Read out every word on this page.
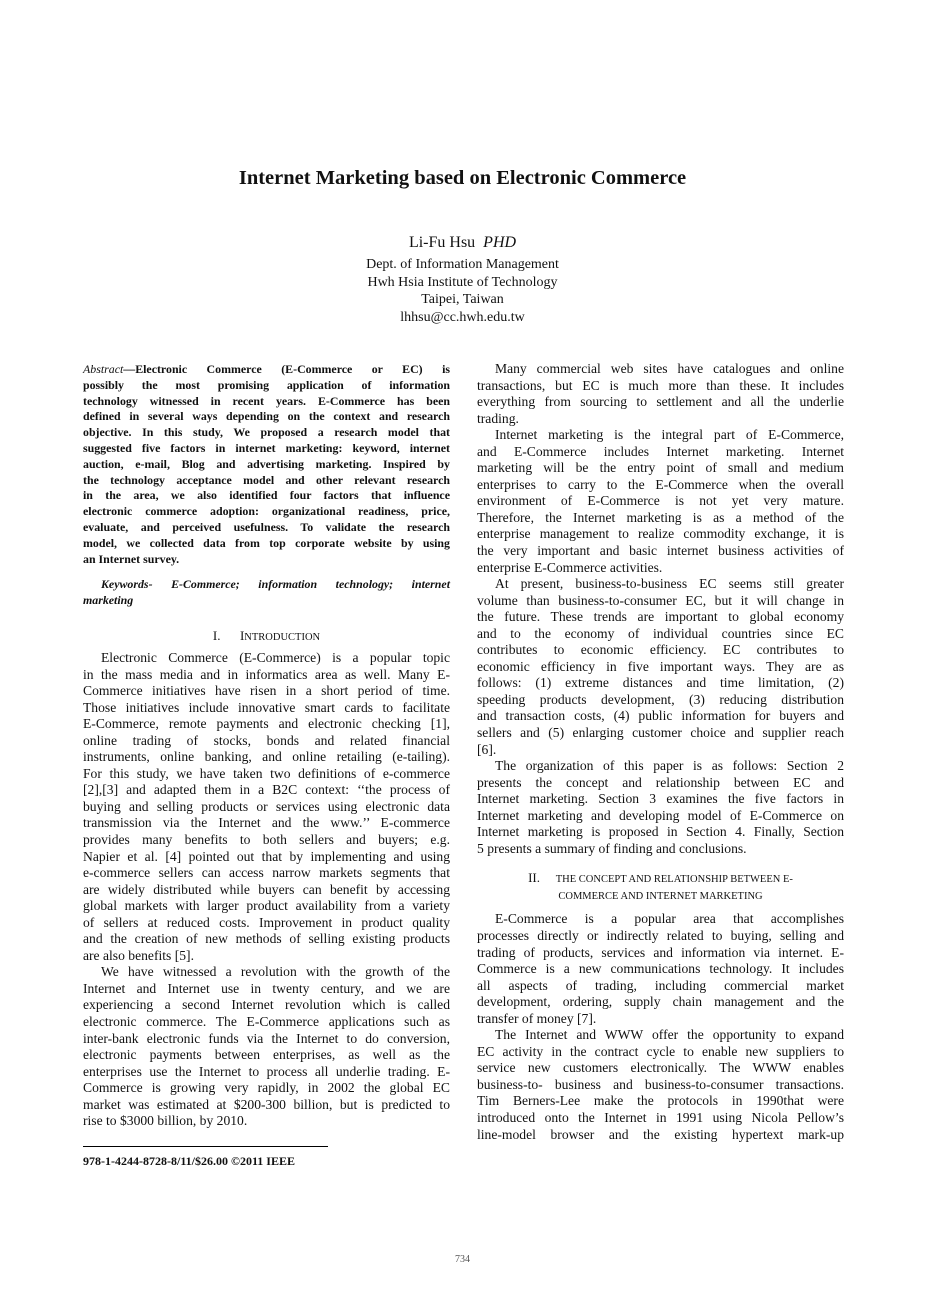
Internet Marketing based on Electronic Commerce
Li-Fu Hsu PHD
Dept. of Information Management
Hwh Hsia Institute of Technology
Taipei, Taiwan
lhhsu@cc.hwh.edu.tw
Abstract—Electronic Commerce (E-Commerce or EC) is
possibly the most promising application of information
technology witnessed in recent years. E-Commerce has been
defined in several ways depending on the context and research
objective. In this study, We proposed a research model that
suggested five factors in internet marketing: keyword, internet
auction, e-mail, Blog and advertising marketing. Inspired by
the technology acceptance model and other relevant research
in the area, we also identified four factors that influence
electronic commerce adoption: organizational readiness, price,
evaluate, and perceived usefulness. To validate the research
model, we collected data from top corporate website by using
an Internet survey.
Keywords- E-Commerce; information technology; internet
marketing
I. INTRODUCTION
Electronic Commerce (E-Commerce) is a popular topic
in the mass media and in informatics area as well. Many E-
Commerce initiatives have risen in a short period of time.
Those initiatives include innovative smart cards to facilitate
E-Commerce, remote payments and electronic checking [1],
online trading of stocks, bonds and related financial
instruments, online banking, and online retailing (e-tailing).
For this study, we have taken two definitions of e-commerce
[2],[3] and adapted them in a B2C context: ‘‘the process of
buying and selling products or services using electronic data
transmission via the Internet and the www.’’ E-commerce
provides many benefits to both sellers and buyers; e.g.
Napier et al. [4] pointed out that by implementing and using
e-commerce sellers can access narrow markets segments that
are widely distributed while buyers can benefit by accessing
global markets with larger product availability from a variety
of sellers at reduced costs. Improvement in product quality
and the creation of new methods of selling existing products
are also benefits [5].
We have witnessed a revolution with the growth of the
Internet and Internet use in twenty century, and we are
experiencing a second Internet revolution which is called
electronic commerce. The E-Commerce applications such as
inter-bank electronic funds via the Internet to do conversion,
electronic payments between enterprises, as well as the
enterprises use the Internet to process all underlie trading. E-
Commerce is growing very rapidly, in 2002 the global EC
market was estimated at $200-300 billion, but is predicted to
rise to $3000 billion, by 2010.
Many commercial web sites have catalogues and online
transactions, but EC is much more than these. It includes
everything from sourcing to settlement and all the underlie
trading.
Internet marketing is the integral part of E-Commerce,
and E-Commerce includes Internet marketing. Internet
marketing will be the entry point of small and medium
enterprises to carry to the E-Commerce when the overall
environment of E-Commerce is not yet very mature.
Therefore, the Internet marketing is as a method of the
enterprise management to realize commodity exchange, it is
the very important and basic internet business activities of
enterprise E-Commerce activities.
At present, business-to-business EC seems still greater
volume than business-to-consumer EC, but it will change in
the future. These trends are important to global economy
and to the economy of individual countries since EC
contributes to economic efficiency. EC contributes to
economic efficiency in five important ways. They are as
follows: (1) extreme distances and time limitation, (2)
speeding products development, (3) reducing distribution
and transaction costs, (4) public information for buyers and
sellers and (5) enlarging customer choice and supplier reach
[6].
The organization of this paper is as follows: Section 2
presents the concept and relationship between EC and
Internet marketing. Section 3 examines the five factors in
Internet marketing and developing model of E-Commerce on
Internet marketing is proposed in Section 4. Finally, Section
5 presents a summary of finding and conclusions.
II. THE CONCEPT AND RELATIONSHIP BETWEEN E-
COMMERCE AND INTERNET MARKETING
E-Commerce is a popular area that accomplishes
processes directly or indirectly related to buying, selling and
trading of products, services and information via internet. E-
Commerce is a new communications technology. It includes
all aspects of trading, including commercial market
development, ordering, supply chain management and the
transfer of money [7].
The Internet and WWW offer the opportunity to expand
EC activity in the contract cycle to enable new suppliers to
service new customers electronically. The WWW enables
business-to- business and business-to-consumer transactions.
Tim Berners-Lee make the protocols in 1990that were
introduced onto the Internet in 1991 using Nicola Pellow’s
line-model browser and the existing hypertext mark-up
978-1-4244-8728-8/11/$26.00 ©2011 IEEE
734
